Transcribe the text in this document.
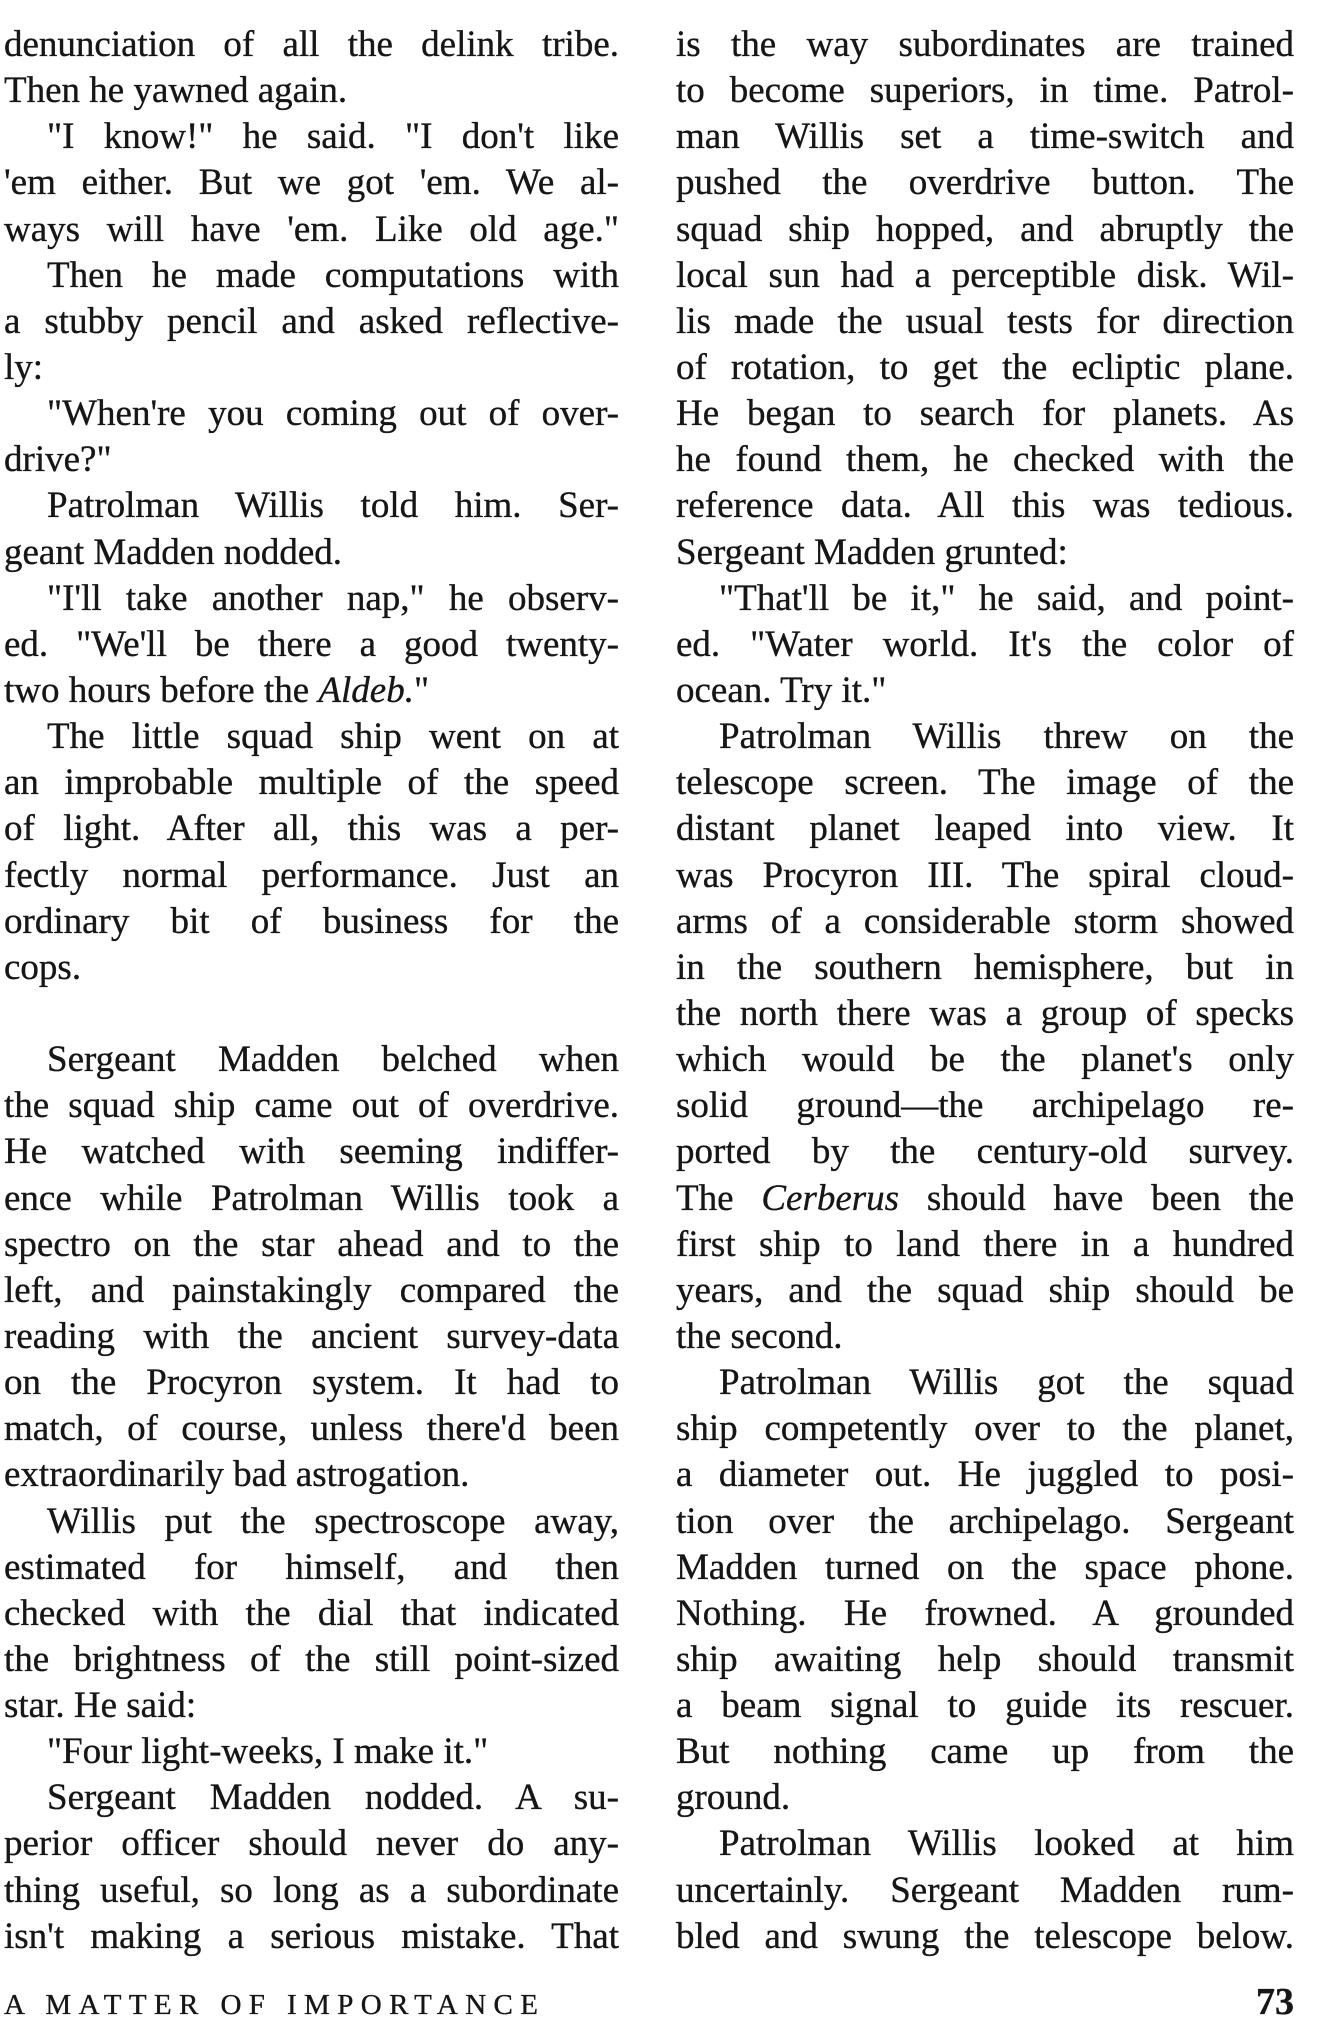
denunciation of all the delink tribe.
Then he yawned again.
"I know!" he said. "I don't like
'em either. But we got 'em. We al-
ways will have 'em. Like old age."
Then he made computations with
a stubby pencil and asked reflective-
ly:
"When're you coming out of over-
drive?"
Patrolman Willis told him. Ser-
geant Madden nodded.
"I'll take another nap," he observ-
ed. "We'll be there a good twenty-
two hours before the Aldeb."
The little squad ship went on at
an improbable multiple of the speed
of light. After all, this was a per-
fectly normal performance. Just an
ordinary bit of business for the
cops.
Sergeant Madden belched when
the squad ship came out of overdrive.
He watched with seeming indiffer-
ence while Patrolman Willis took a
spectro on the star ahead and to the
left, and painstakingly compared the
reading with the ancient survey-data
on the Procyron system. It had to
match, of course, unless there'd been
extraordinarily bad astrogation.
Willis put the spectroscope away,
estimated for himself, and then
checked with the dial that indicated
the brightness of the still point-sized
star. He said:
"Four light-weeks, I make it."
Sergeant Madden nodded. A su-
perior officer should never do any-
thing useful, so long as a subordinate
isn't making a serious mistake. That
is the way subordinates are trained
to become superiors, in time. Patrol-
man Willis set a time-switch and
pushed the overdrive button. The
squad ship hopped, and abruptly the
local sun had a perceptible disk. Wil-
lis made the usual tests for direction
of rotation, to get the ecliptic plane.
He began to search for planets. As
he found them, he checked with the
reference data. All this was tedious.
Sergeant Madden grunted:
"That'll be it," he said, and point-
ed. "Water world. It's the color of
ocean. Try it."
Patrolman Willis threw on the
telescope screen. The image of the
distant planet leaped into view. It
was Procyron III. The spiral cloud-
arms of a considerable storm showed
in the southern hemisphere, but in
the north there was a group of specks
which would be the planet's only
solid ground—the archipelago re-
ported by the century-old survey.
The Cerberus should have been the
first ship to land there in a hundred
years, and the squad ship should be
the second.
Patrolman Willis got the squad
ship competently over to the planet,
a diameter out. He juggled to posi-
tion over the archipelago. Sergeant
Madden turned on the space phone.
Nothing. He frowned. A grounded
ship awaiting help should transmit
a beam signal to guide its rescuer.
But nothing came up from the
ground.
Patrolman Willis looked at him
uncertainly. Sergeant Madden rum-
bled and swung the telescope below.
A MATTER OF IMPORTANCE	73
